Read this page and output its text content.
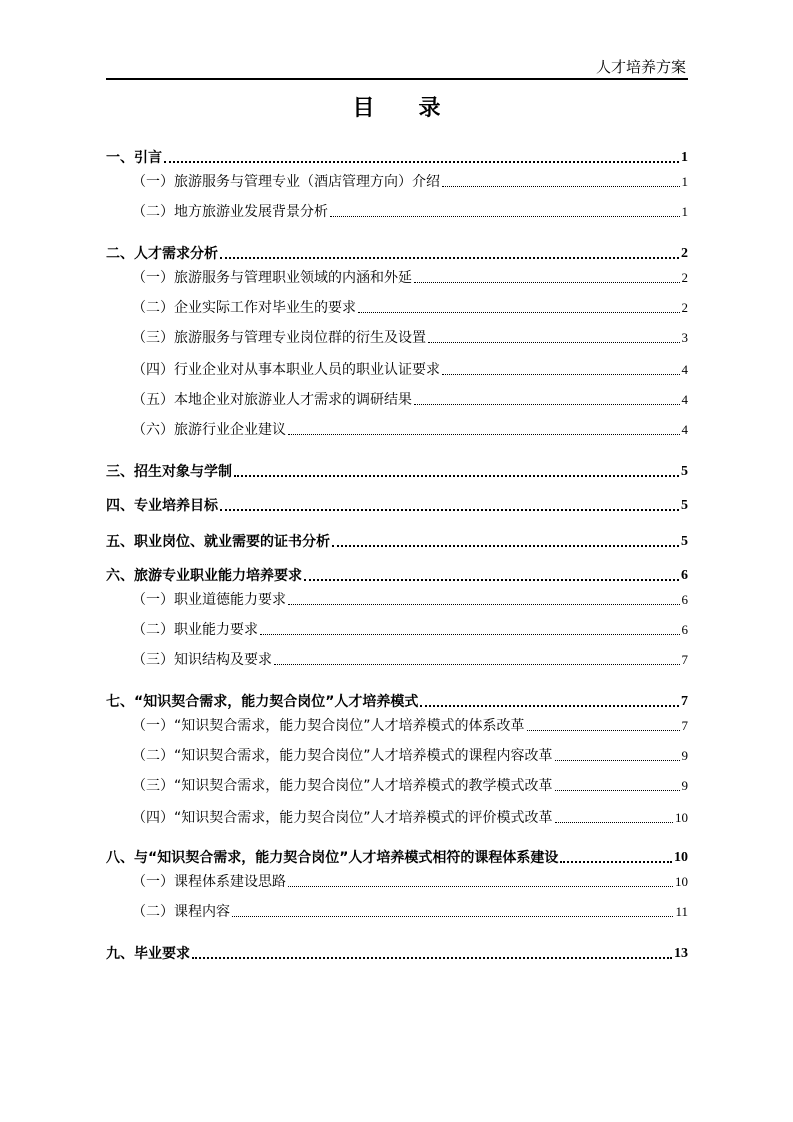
人才培养方案
目　　录
一、引言	1
（一）旅游服务与管理专业（酒店管理方向）介绍	1
（二）地方旅游业发展背景分析	1
二、人才需求分析	2
（一）旅游服务与管理职业领域的内涵和外延	2
（二）企业实际工作对毕业生的要求	2
（三）旅游服务与管理专业岗位群的衍生及设置	3
（四）行业企业对从事本职业人员的职业认证要求	4
（五）本地企业对旅游业人才需求的调研结果	4
（六）旅游行业企业建议	4
三、招生对象与学制	5
四、专业培养目标	5
五、职业岗位、就业需要的证书分析	5
六、旅游专业职业能力培养要求	6
（一）职业道德能力要求	6
（二）职业能力要求	6
（三）知识结构及要求	7
七、“知识契合需求，能力契合岗位”人才培养模式	7
（一）“知识契合需求，能力契合岗位”人才培养模式的体系改革	7
（二）“知识契合需求，能力契合岗位”人才培养模式的课程内容改革	9
（三）“知识契合需求，能力契合岗位”人才培养模式的教学模式改革	9
（四）“知识契合需求，能力契合岗位”人才培养模式的评价模式改革	10
八、与“知识契合需求，能力契合岗位”人才培养模式相符的课程体系建设	10
（一）课程体系建设思路	10
（二）课程内容	11
九、毕业要求	13
